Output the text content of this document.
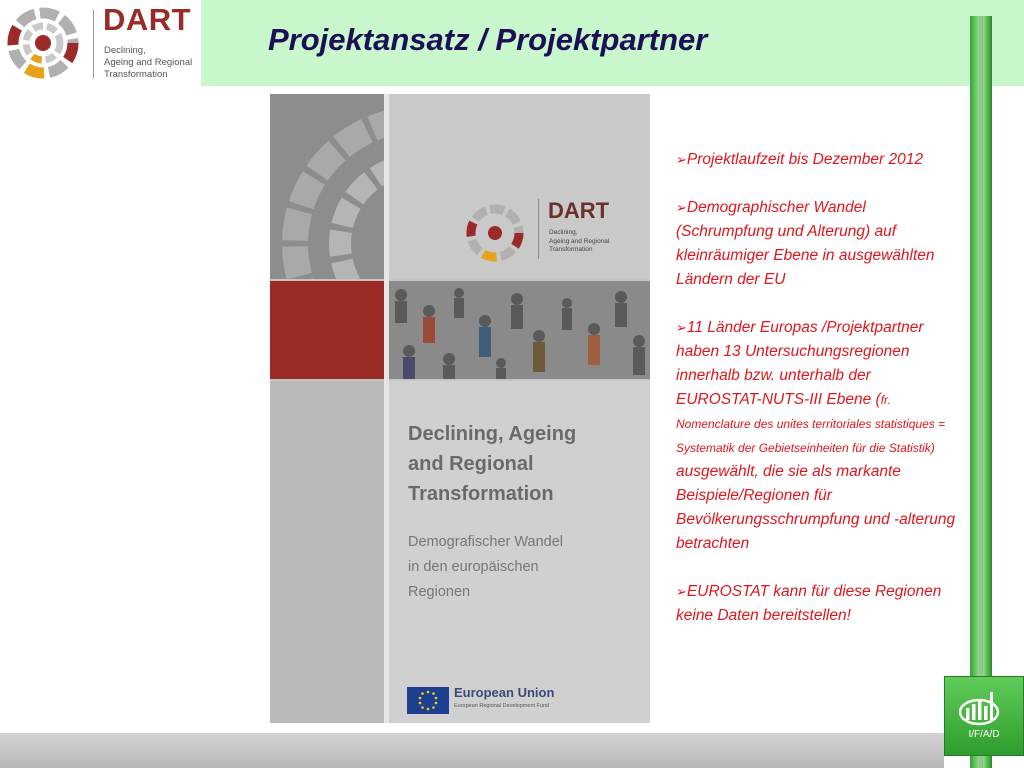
DART
Declining,
Ageing and Regional
Transformation
Projektansatz / Projektpartner
DART
Declining,
Ageing and Regional
Transformation
Declining, Ageing
and Regional
Transformation
Demografischer Wandel
in den europäischen
Regionen
European Union
European Regional Development Fund
➢Projektlaufzeit bis Dezember 2012
➢Demographischer Wandel (Schrumpfung und Alterung) auf kleinräumiger Ebene in ausgewählten Ländern der EU
➢11 Länder Europas /Projektpartner haben 13 Untersuchungsregionen innerhalb bzw. unterhalb der EUROSTAT-NUTS-III Ebene (fr. Nomenclature des unites territoriales statistiques = Systematik der Gebietseinheiten für die Statistik) ausgewählt, die sie als markante Beispiele/Regionen für Bevölkerungsschrumpfung und -alterung betrachten
➢EUROSTAT kann für diese Regionen keine Daten bereitstellen!
I/F/A/D
